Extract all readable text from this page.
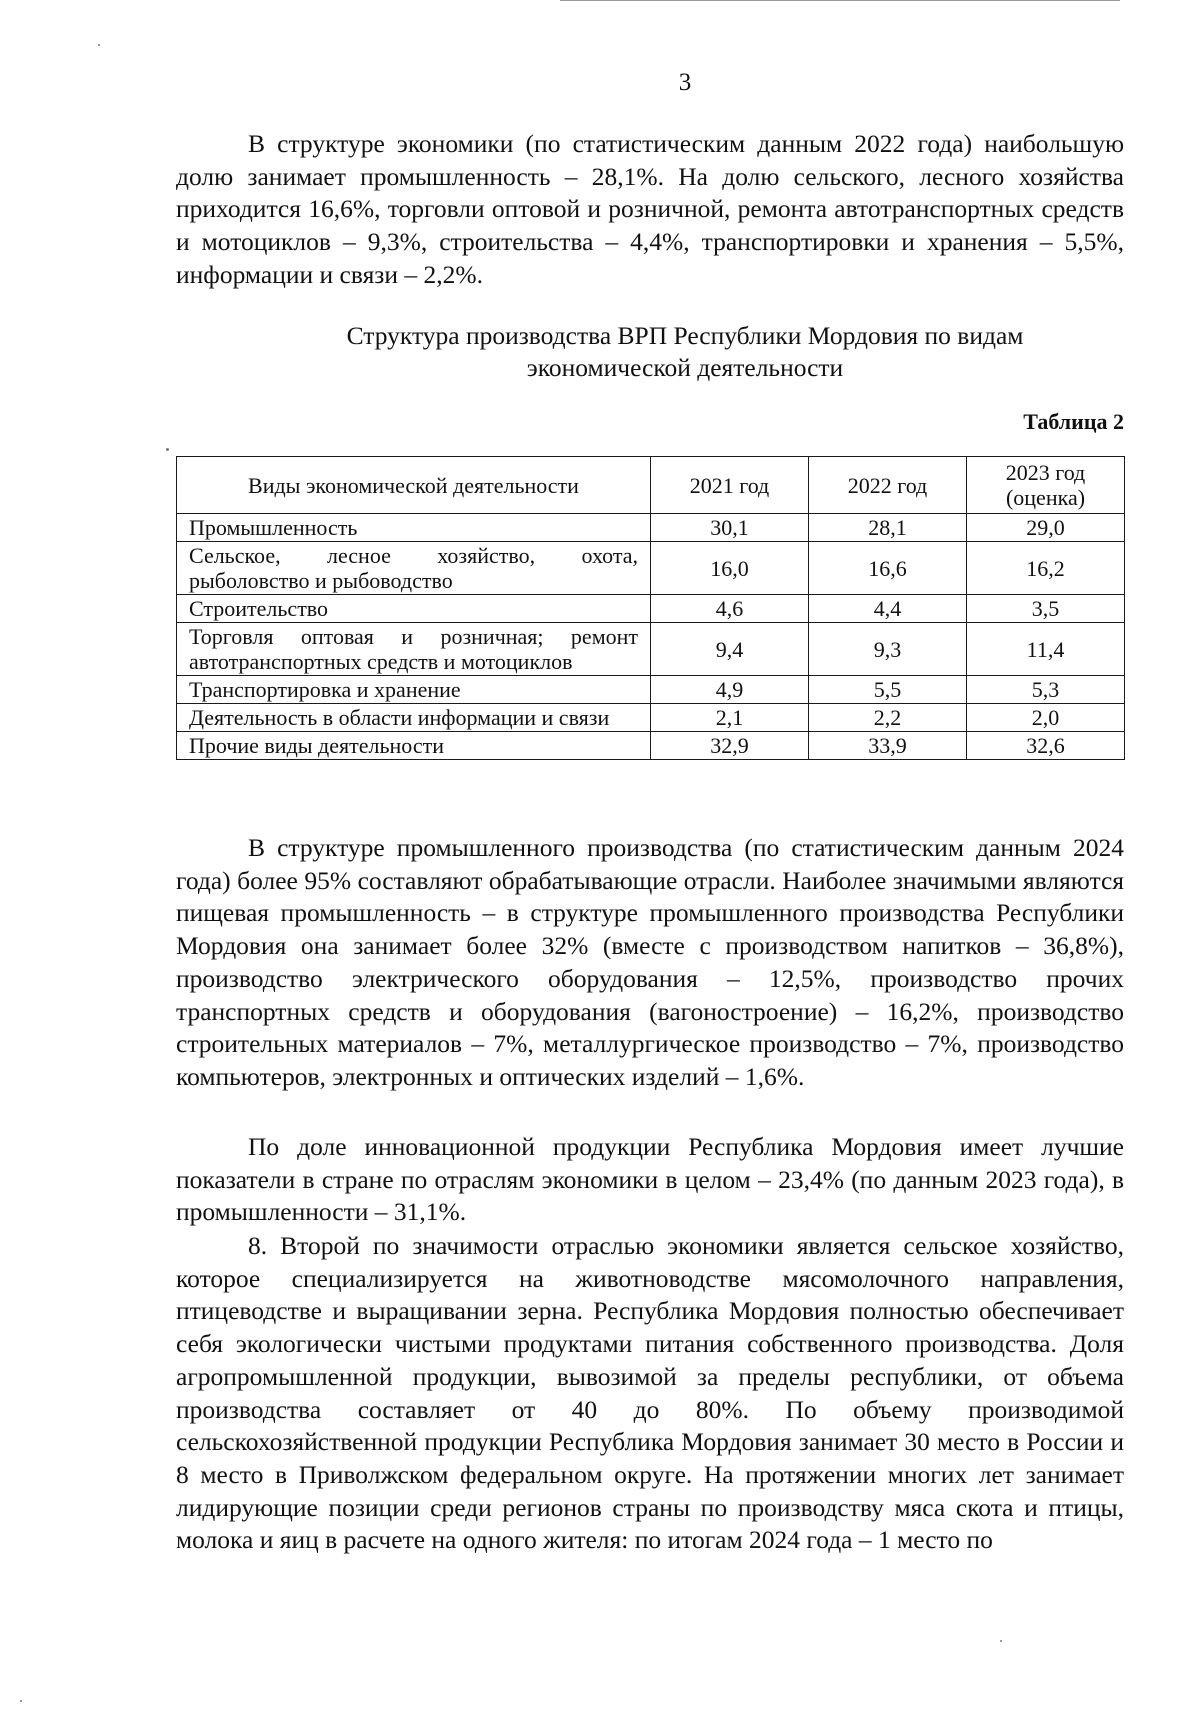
3

В структуре экономики (по статистическим данным 2022 года) наибольшую долю занимает промышленность – 28,1%. На долю сельского, лесного хозяйства приходится 16,6%, торговли оптовой и розничной, ремонта автотранспортных средств и мотоциклов – 9,3%, строительства – 4,4%, транспортировки и хранения – 5,5%, информации и связи – 2,2%.

Структура производства ВРП Республики Мордовия по видам экономической деятельности

Таблица 2
Виды экономической деятельности	2021 год	2022 год	2023 год (оценка)
Промышленность	30,1	28,1	29,0
Сельское, лесное хозяйство, охота, рыболовство и рыбоводство	16,0	16,6	16,2
Строительство	4,6	4,4	3,5
Торговля оптовая и розничная; ремонт автотранспортных средств и мотоциклов	9,4	9,3	11,4
Транспортировка и хранение	4,9	5,5	5,3
Деятельность в области информации и связи	2,1	2,2	2,0
Прочие виды деятельности	32,9	33,9	32,6

В структуре промышленного производства (по статистическим данным 2024 года) более 95% составляют обрабатывающие отрасли. Наиболее значимыми являются пищевая промышленность – в структуре промышленного производства Республики Мордовия она занимает более 32% (вместе с производством напитков – 36,8%), производство электрического оборудования – 12,5%, производство прочих транспортных средств и оборудования (вагоностроение) – 16,2%, производство строительных материалов – 7%, металлургическое производство – 7%, производство компьютеров, электронных и оптических изделий – 1,6%.

По доле инновационной продукции Республика Мордовия имеет лучшие показатели в стране по отраслям экономики в целом – 23,4% (по данным 2023 года), в промышленности – 31,1%.

8. Второй по значимости отраслью экономики является сельское хозяйство, которое специализируется на животноводстве мясомолочного направления, птицеводстве и выращивании зерна. Республика Мордовия полностью обеспечивает себя экологически чистыми продуктами питания собственного производства. Доля агропромышленной продукции, вывозимой за пределы республики, от объема производства составляет от 40 до 80%. По объему производимой сельскохозяйственной продукции Республика Мордовия занимает 30 место в России и 8 место в Приволжском федеральном округе. На протяжении многих лет занимает лидирующие позиции среди регионов страны по производству мяса скота и птицы, молока и яиц в расчете на одного жителя: по итогам 2024 года – 1 место по
